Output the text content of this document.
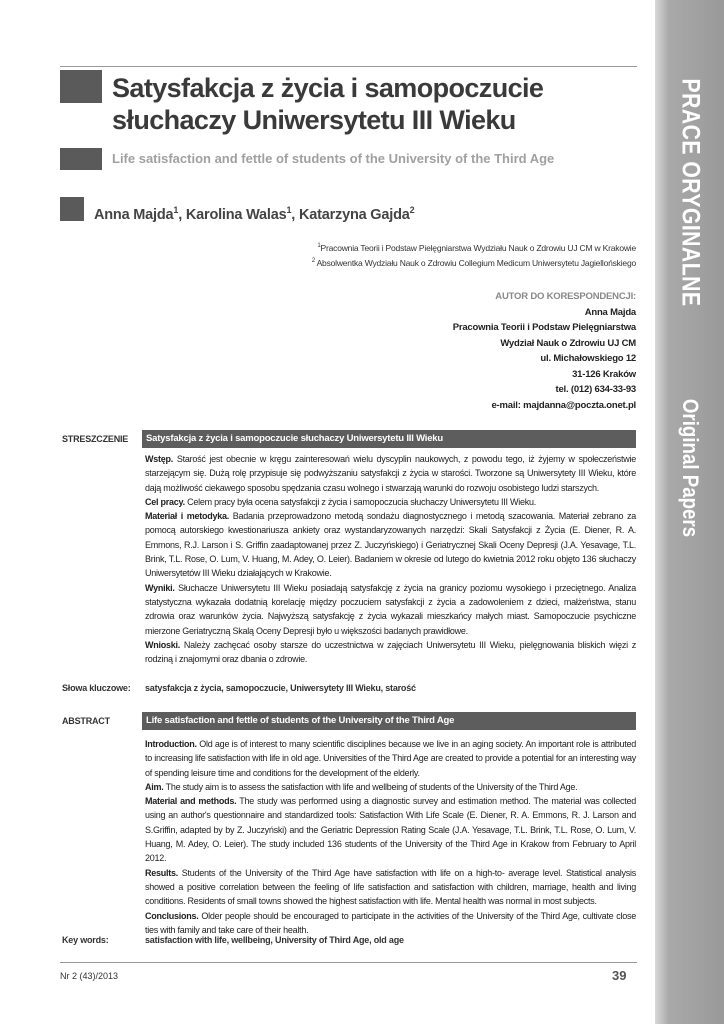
PRACE ORYGINALNE
Original Papers
Satysfakcja z życia i samopoczucie
słuchaczy Uniwersytetu III Wieku
Life satisfaction and fettle of students of the University of the Third Age
Anna Majda$^1$, Karolina Walas$^1$, Katarzyna Gajda$^2$
$^1$Pracownia Teorii i Podstaw Pielęgniarstwa Wydziału Nauk o Zdrowiu UJ CM w Krakowie
$^2$ Absolwentka Wydziału Nauk o Zdrowiu Collegium Medicum Uniwersytetu Jagiellońskiego
AUTOR DO KORESPONDENCJI:
Anna Majda
Pracownia Teorii i Podstaw Pielęgniarstwa
Wydział Nauk o Zdrowiu UJ CM
ul. Michałowskiego 12
31-126 Kraków
tel. (012) 634-33-93
e-mail: majdanna@poczta.onet.pl
STRESZCZENIE	Satysfakcja z życia i samopoczucie słuchaczy Uniwersytetu III Wieku

Wstęp. Starość jest obecnie w kręgu zainteresowań wielu dyscyplin naukowych, z powodu tego, iż żyjemy w społeczeństwie starzejącym się. Dużą rolę przypisuje się podwyższaniu satysfakcji z życia w starości. Tworzone są Uniwersytety III Wieku, które dają możliwość ciekawego sposobu spędzania czasu wolnego i stwarzają warunki do rozwoju osobistego ludzi starszych.

Cel pracy. Celem pracy była ocena satysfakcji z życia i samopoczucia słuchaczy Uniwersytetu III Wieku.

Materiał i metodyka. Badania przeprowadzono metodą sondażu diagnostycznego i metodą szacowania. Materiał zebrano za pomocą autorskiego kwestionariusza ankiety oraz wystandaryzowanych narzędzi: Skali Satysfakcji z Życia (E. Diener, R. A. Emmons, R.J. Larson i S. Griffin zaadaptowanej przez Z. Juczyńskiego) i Geriatrycznej Skali Oceny Depresji (J.A. Yesavage, T.L. Brink, T.L. Rose, O. Lum, V. Huang, M. Adey, O. Leier). Badaniem w okresie od lutego do kwietnia 2012 roku objęto 136 słuchaczy Uniwersytetów III Wieku działających w Krakowie.

Wyniki. Słuchacze Uniwersytetu III Wieku posiadają satysfakcję z życia na granicy poziomu wysokiego i przeciętnego. Analiza statystyczna wykazała dodatnią korelację między poczuciem satysfakcji z życia a zadowoleniem z dzieci, małżeństwa, stanu zdrowia oraz warunków życia. Najwyższą satysfakcję z życia wykazali mieszkańcy małych miast. Samopoczucie psychiczne mierzone Geriatryczną Skalą Oceny Depresji było u większości badanych prawidłowe.

Wnioski. Należy zachęcać osoby starsze do uczestnictwa w zajęciach Uniwersytetu III Wieku, pielęgnowania bliskich więzi z rodziną i znajomymi oraz dbania o zdrowie.

Słowa kluczowe: satysfakcja z życia, samopoczucie, Uniwersytety III Wieku, starość
ABSTRACT	Life satisfaction and fettle of students of the University of the Third Age

Introduction. Old age is of interest to many scientific disciplines because we live in an aging society. An important role is attributed to increasing life satisfaction with life in old age. Universities of the Third Age are created to provide a potential for an interesting way of spending leisure time and conditions for the development of the elderly.

Aim. The study aim is to assess the satisfaction with life and wellbeing of students of the University of the Third Age.

Material and methods. The study was performed using a diagnostic survey and estimation method. The material was collected using an author's questionnaire and standardized tools: Satisfaction With Life Scale (E. Diener, R. A. Emmons, R. J. Larson and S.Griffin, adapted by by Z. Juczyński) and the Geriatric Depression Rating Scale (J.A. Yesavage, T.L. Brink, T.L. Rose, O. Lum, V. Huang, M. Adey, O. Leier). The study included 136 students of the University of the Third Age in Krakow from February to April 2012.

Results. Students of the University of the Third Age have satisfaction with life on a high-to- average level. Statistical analysis showed a positive correlation between the feeling of life satisfaction and satisfaction with children, marriage, health and living conditions. Residents of small towns showed the highest satisfaction with life. Mental health was normal in most subjects.

Conclusions. Older people should be encouraged to participate in the activities of the University of the Third Age, cultivate close ties with family and take care of their health.

Key words:	satisfaction with life, wellbeing, University of Third Age, old age
Nr 2 (43)/2013	39
